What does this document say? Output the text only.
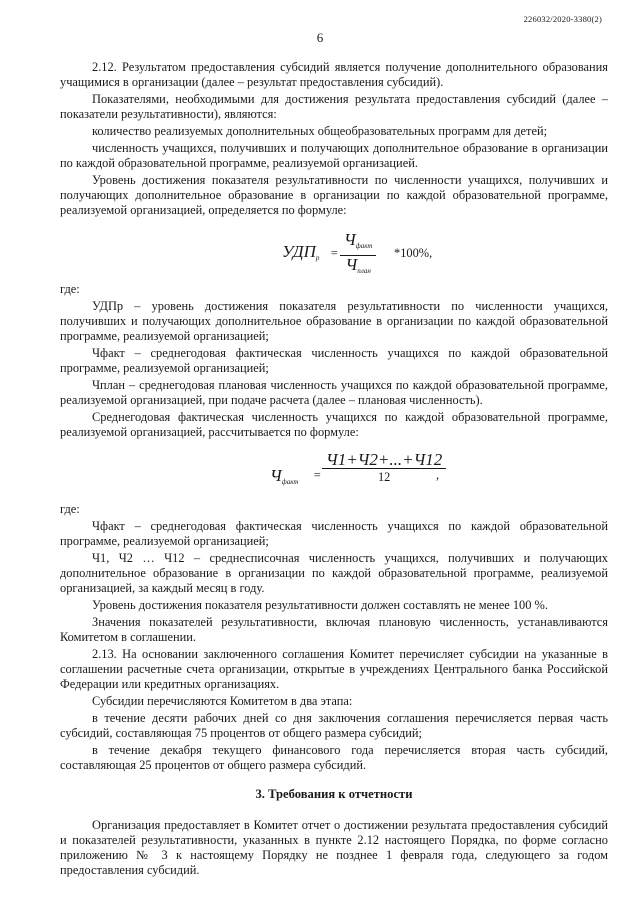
226032/2020-3380(2)
6

2.12. Результатом предоставления субсидий является получение дополнительного образования учащимися в организации (далее – результат предоставления субсидий).

Показателями, необходимыми для достижения результата предоставления субсидий (далее – показатели результативности), являются:

количество реализуемых дополнительных общеобразовательных программ для детей;

численность учащихся, получивших и получающих дополнительное образование в организации по каждой образовательной программе, реализуемой организацией.

Уровень достижения показателя результативности по численности учащихся, получивших и получающих дополнительное образование в организации по каждой образовательной программе, реализуемой организацией, определяется по формуле:

$УДП_р$ =
$Ч_{факт}$
$Ч_{план}$
*100%,

где:

УДПр – уровень достижения показателя результативности по численности учащихся, получивших и получающих дополнительное образование в организации по каждой образовательной программе, реализуемой организацией;

Чфакт – среднегодовая фактическая численность учащихся по каждой образовательной программе, реализуемой организацией;

Чплан – среднегодовая плановая численность учащихся по каждой образовательной программе, реализуемой организацией, при подаче расчета (далее – плановая численность).

Среднегодовая фактическая численность учащихся по каждой образовательной программе, реализуемой организацией, рассчитывается по формуле:

$Ч_{факт}$ =
Ч1+Ч2+...+Ч12
12	,

где:

Чфакт – среднегодовая фактическая численность учащихся по каждой образовательной программе, реализуемой организацией;

Ч1, Ч2 … Ч12 – среднесписочная численность учащихся, получивших и получающих дополнительное образование в организации по каждой образовательной программе, реализуемой организацией, за каждый месяц в году.

Уровень достижения показателя результативности должен составлять не менее 100 %.

Значения показателей результативности, включая плановую численность, устанавливаются Комитетом в соглашении.

2.13. На основании заключенного соглашения Комитет перечисляет субсидии на указанные в соглашении расчетные счета организации, открытые в учреждениях Центрального банка Российской Федерации или кредитных организациях.

Субсидии перечисляются Комитетом в два этапа:

в течение десяти рабочих дней со дня заключения соглашения перечисляется первая часть субсидий, составляющая 75 процентов от общего размера субсидий;

в течение декабря текущего финансового года перечисляется вторая часть субсидий, составляющая 25 процентов от общего размера субсидий.

3. Требования к отчетности

Организация предоставляет в Комитет отчет о достижении результата предоставления субсидий и показателей результативности, указанных в пункте 2.12 настоящего Порядка, по форме согласно приложению № 3 к настоящему Порядку не позднее 1 февраля года, следующего за годом предоставления субсидий.
